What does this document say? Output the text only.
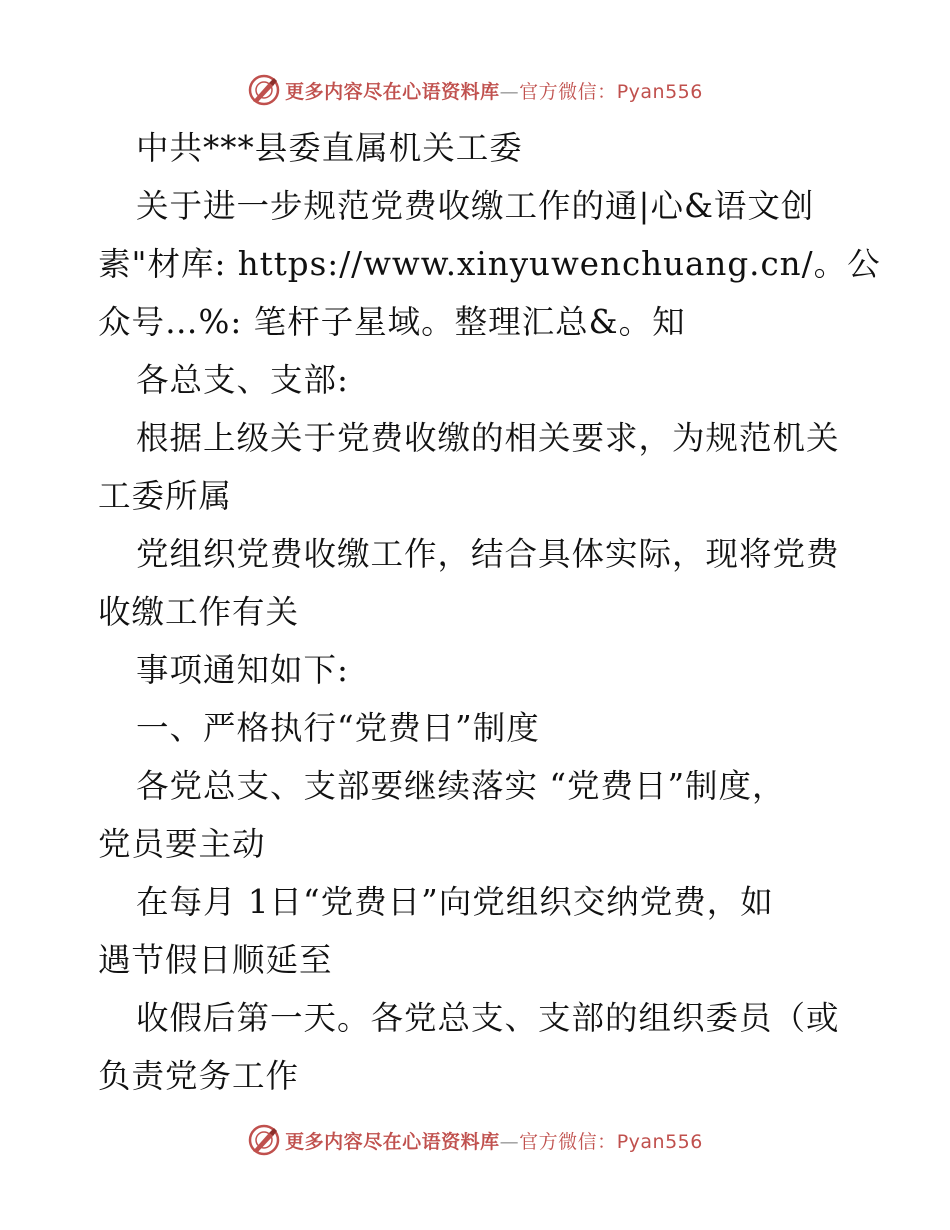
更多内容尽在心语资料库—官方微信：Pyan556
中共***县委直属机关工委
关于进一步规范党费收缴工作的通|心&语文创
素"材库: https://www.xinyuwenchuang.cn/。公
众号…%: 笔杆子星域。整理汇总&。知
各总支、支部:
根据上级关于党费收缴的相关要求，为规范机关
工委所属
党组织党费收缴工作，结合具体实际，现将党费
收缴工作有关
事项通知如下:
一、严格执行“党费日”制度
各党总支、支部要继续落实 “党费日”制度，
党员要主动
在每月 1日“党费日”向党组织交纳党费，如
遇节假日顺延至
收假后第一天。各党总支、支部的组织委员（或
负责党务工作
更多内容尽在心语资料库—官方微信：Pyan556
